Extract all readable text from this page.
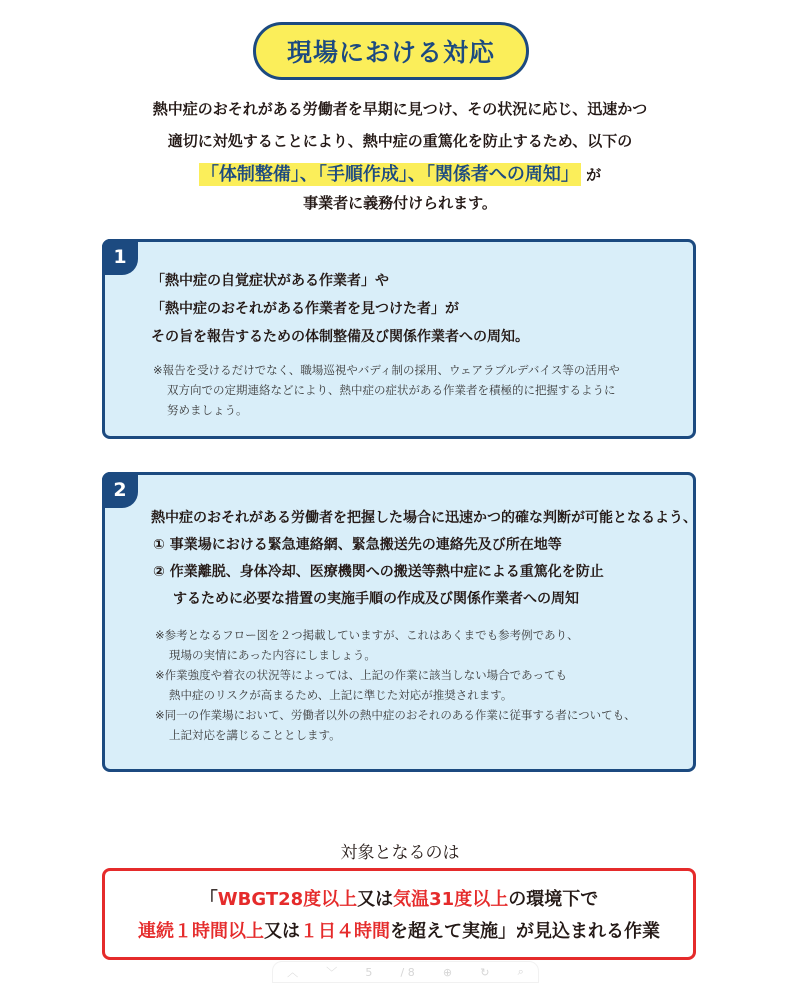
現場における対応
熱中症のおそれがある労働者を早期に見つけ、その状況に応じ、迅速かつ
適切に対処することにより、熱中症の重篤化を防止するため、以下の
「体制整備」、「手順作成」、「関係者への周知」 が
事業者に義務付けられます。
1
「熱中症の自覚症状がある作業者」や
「熱中症のおそれがある作業者を見つけた者」が
その旨を報告するための体制整備及び関係作業者への周知。
※報告を受けるだけでなく、職場巡視やバディ制の採用、ウェアラブルデバイス等の活用や
双方向での定期連絡などにより、熱中症の症状がある作業者を積極的に把握するように
努めましょう。
2
熱中症のおそれがある労働者を把握した場合に迅速かつ的確な判断が可能となるよう、
① 事業場における緊急連絡網、緊急搬送先の連絡先及び所在地等
② 作業離脱、身体冷却、医療機関への搬送等熱中症による重篤化を防止
するために必要な措置の実施手順の作成及び関係作業者への周知
※参考となるフロー図を２つ掲載していますが、これはあくまでも参考例であり、
現場の実情にあった内容にしましょう。
※作業強度や着衣の状況等によっては、上記の作業に該当しない場合であっても
熱中症のリスクが高まるため、上記に準じた対応が推奨されます。
※同一の作業場において、労働者以外の熱中症のおそれのある作業に従事する者についても、
上記対応を講じることとします。
対象となるのは
「WBGT28度以上又は気温31度以上の環境下で
連続１時間以上又は１日４時間を超えて実施」が見込まれる作業
︿	﹀	5	/ 8	⊕	↻	⌕
